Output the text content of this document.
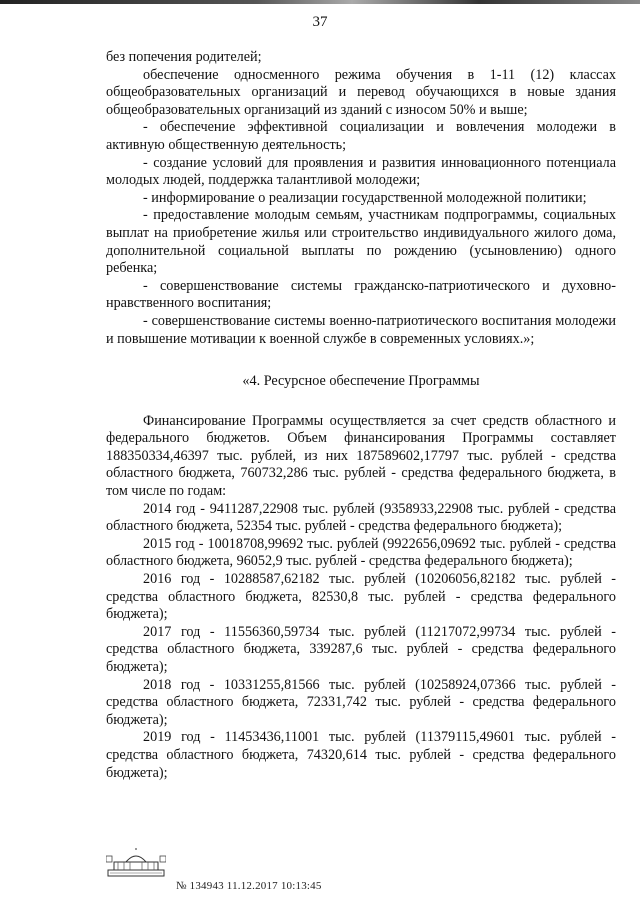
37

без попечения родителей;

обеспечение односменного режима обучения в 1-11 (12) классах общеобразовательных организаций и перевод обучающихся в новые здания общеобразовательных организаций из зданий с износом 50% и выше;

- обеспечение эффективной социализации и вовлечения молодежи в активную общественную деятельность;

- создание условий для проявления и развития инновационного потенциала молодых людей, поддержка талантливой молодежи;

- информирование о реализации государственной молодежной политики;

- предоставление молодым семьям, участникам подпрограммы, социальных выплат на приобретение жилья или строительство индивидуального жилого дома, дополнительной социальной выплаты по рождению (усыновлению) одного ребенка;

- совершенствование системы гражданско-патриотического и духовно-нравственного воспитания;

- совершенствование системы военно-патриотического воспитания молодежи и повышение мотивации к военной службе в современных условиях.»;

«4. Ресурсное обеспечение Программы

Финансирование Программы осуществляется за счет средств областного и федерального бюджетов. Объем финансирования Программы составляет 188350334,46397 тыс. рублей, из них 187589602,17797 тыс. рублей - средства областного бюджета, 760732,286 тыс. рублей - средства федерального бюджета, в том числе по годам:

2014 год - 9411287,22908 тыс. рублей (9358933,22908 тыс. рублей - средства областного бюджета, 52354 тыс. рублей - средства федерального бюджета);

2015 год - 10018708,99692 тыс. рублей (9922656,09692 тыс. рублей - средства областного бюджета, 96052,9 тыс. рублей - средства федерального бюджета);

2016 год - 10288587,62182 тыс. рублей (10206056,82182 тыс. рублей - средства областного бюджета, 82530,8 тыс. рублей - средства федерального бюджета);

2017 год - 11556360,59734 тыс. рублей (11217072,99734 тыс. рублей - средства областного бюджета, 339287,6 тыс. рублей - средства федерального бюджета);

2018 год - 10331255,81566 тыс. рублей (10258924,07366 тыс. рублей - средства областного бюджета, 72331,742 тыс. рублей - средства федерального бюджета);

2019 год - 11453436,11001 тыс. рублей (11379115,49601 тыс. рублей - средства областного бюджета, 74320,614 тыс. рублей - средства федерального бюджета);

№ 134943 11.12.2017 10:13:45
